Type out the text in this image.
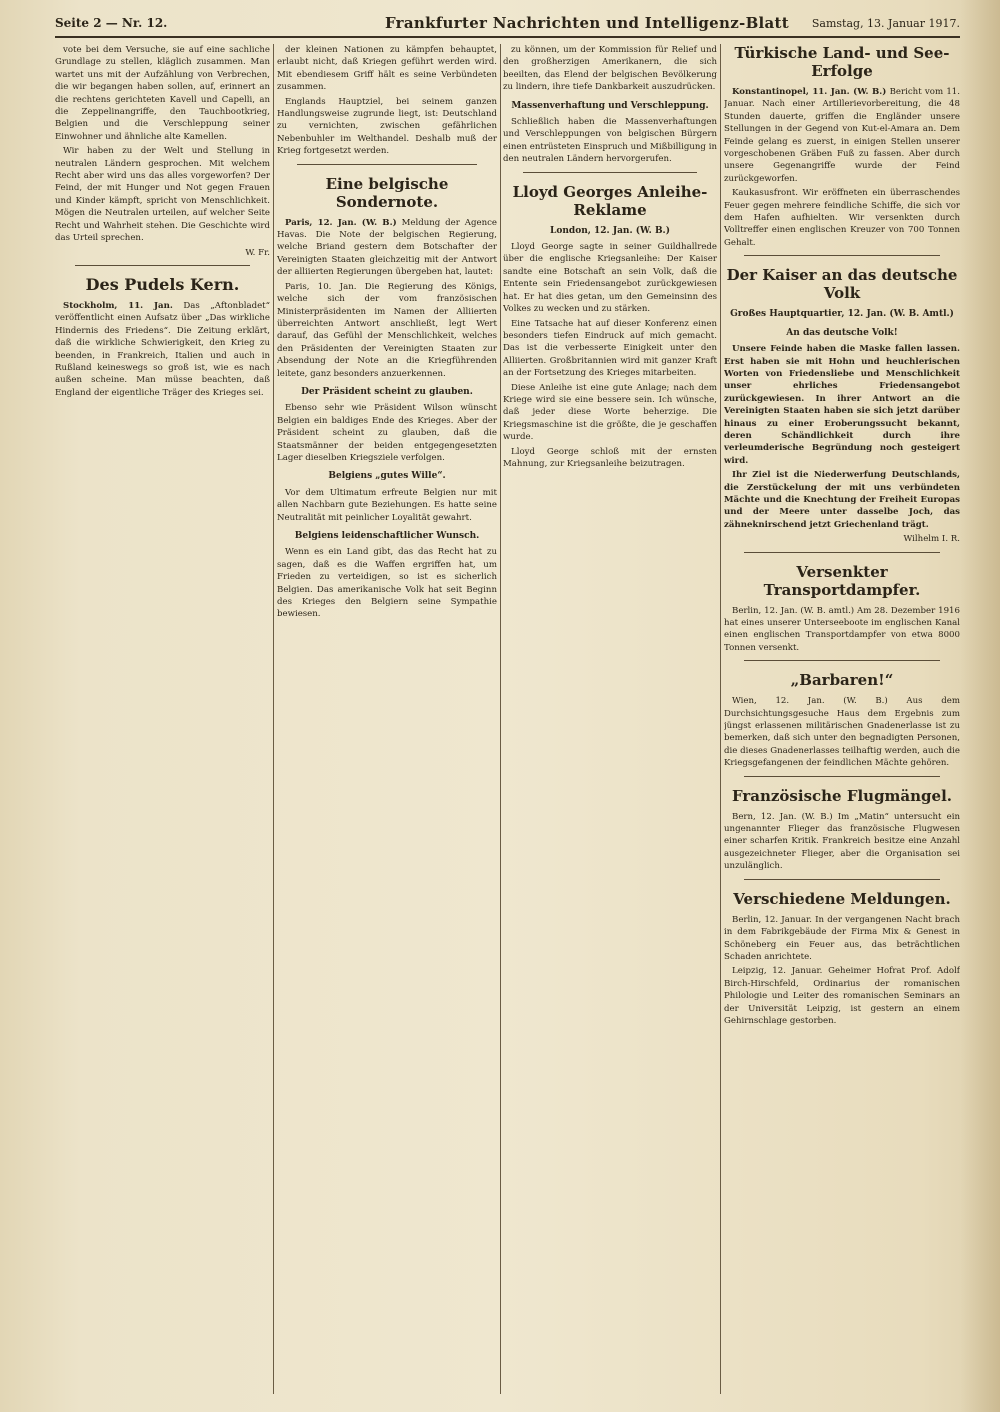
Seite 2 — Nr. 12.	Frankfurter Nachrichten und Intelligenz-Blatt Samstag, 13. Januar 1917.

vote bei dem Versuche, sie auf eine sachliche Grundlage zu stellen, kläglich zusammen. Man wartet uns mit der Aufzählung von Verbrechen, die wir begangen haben sollen, auf, erinnert an die rechtens gerichteten Kavell und Capelli, an die Zeppelinangriffe, den Tauchbootkrieg, Belgien und die Verschleppung seiner Einwohner und ähnliche alte Kamellen.

Wir haben zu der Welt und Stellung in neutralen Ländern gesprochen. Mit welchem Recht aber wird uns das alles vorgeworfen? Der Feind, der mit Hunger und Not gegen Frauen und Kinder kämpft, spricht von Menschlichkeit. Mögen die Neutralen urteilen, auf welcher Seite Recht und Wahrheit stehen. Die Geschichte wird das Urteil sprechen.

W. Fr.
Des Pudels Kern.

Stockholm, 11. Jan. Das „Aftonbladet“ veröffentlicht einen Aufsatz über „Das wirkliche Hindernis des Friedens“. Die Zeitung erklärt, daß die wirkliche Schwierigkeit, den Krieg zu beenden, in Frankreich, Italien und auch in Rußland keineswegs so groß ist, wie es nach außen scheine. Man müsse beachten, daß England der eigentliche Träger des Krieges sei.

der kleinen Nationen zu kämpfen behauptet, erlaubt nicht, daß Kriegen geführt werden wird. Mit ebendiesem Griff hält es seine Verbündeten zusammen.

Englands Hauptziel, bei seinem ganzen Handlungsweise zugrunde liegt, ist: Deutschland zu vernichten, zwischen gefährlichen Nebenbuhler im Welthandel. Deshalb muß der Krieg fortgesetzt werden.

Eine belgische Sondernote.

Paris, 12. Jan. (W. B.) Meldung der Agence Havas. Die Note der belgischen Regierung, welche Briand gestern dem Botschafter der Vereinigten Staaten gleichzeitig mit der Antwort der alliierten Regierungen übergeben hat, lautet:

Paris, 10. Jan. Die Regierung des Königs, welche sich der vom französischen Ministerpräsidenten im Namen der Alliierten überreichten Antwort anschließt, legt Wert darauf, das Gefühl der Menschlichkeit, welches den Präsidenten der Vereinigten Staaten zur Absendung der Note an die Kriegführenden leitete, ganz besonders anzuerkennen.

Der Präsident scheint zu glauben.

Ebenso sehr wie Präsident Wilson wünscht Belgien ein baldiges Ende des Krieges. Aber der Präsident scheint zu glauben, daß die Staatsmänner der beiden entgegengesetzten Lager dieselben Kriegsziele verfolgen.

Belgiens „gutes Wille“.

Vor dem Ultimatum erfreute Belgien nur mit allen Nachbarn gute Beziehungen. Es hatte seine Neutralität mit peinlicher Loyalität gewahrt.

Belgiens leidenschaftlicher Wunsch.

Wenn es ein Land gibt, das das Recht hat zu sagen, daß es die Waffen ergriffen hat, um Frieden zu verteidigen, so ist es sicherlich Belgien. Das amerikanische Volk hat seit Beginn des Krieges den Belgiern seine Sympathie bewiesen.

zu können, um der Kommission für Relief und den großherzigen Amerikanern, die sich beeilten, das Elend der belgischen Bevölkerung zu lindern, ihre tiefe Dankbarkeit auszudrücken.

Massenverhaftung und Verschleppung.

Schließlich haben die Massenverhaftungen und Verschleppungen von belgischen Bürgern einen entrüsteten Einspruch und Mißbilligung in den neutralen Ländern hervorgerufen.

Lloyd Georges Anleihe-Reklame
London, 12. Jan. (W. B.)

Lloyd George sagte in seiner Guildhallrede über die englische Kriegsanleihe: Der Kaiser sandte eine Botschaft an sein Volk, daß die Entente sein Friedensangebot zurückgewiesen hat. Er hat dies getan, um den Gemeinsinn des Volkes zu wecken und zu stärken.

Eine Tatsache hat auf dieser Konferenz einen besonders tiefen Eindruck auf mich gemacht. Das ist die verbesserte Einigkeit unter den Alliierten. Großbritannien wird mit ganzer Kraft an der Fortsetzung des Krieges mitarbeiten.

Diese Anleihe ist eine gute Anlage; nach dem Kriege wird sie eine bessere sein. Ich wünsche, daß jeder diese Worte beherzige. Die Kriegsmaschine ist die größte, die je geschaffen wurde.

Lloyd George schloß mit der ernsten Mahnung, zur Kriegsanleihe beizutragen.

Türkische Land- und See-Erfolge

Konstantinopel, 11. Jan. (W. B.) Bericht vom 11. Januar. Nach einer Artillerievorbereitung, die 48 Stunden dauerte, griffen die Engländer unsere Stellungen in der Gegend von Kut-el-Amara an. Dem Feinde gelang es zuerst, in einigen Stellen unserer vorgeschobenen Gräben Fuß zu fassen. Aber durch unsere Gegenangriffe wurde der Feind zurückgeworfen.

Kaukasusfront. Wir eröffneten ein überraschendes Feuer gegen mehrere feindliche Schiffe, die sich vor dem Hafen aufhielten. Wir versenkten durch Volltreffer einen englischen Kreuzer von 700 Tonnen Gehalt.

Der Kaiser an das deutsche Volk
Großes Hauptquartier, 12. Jan. (W. B. Amtl.)
An das deutsche Volk!

Unsere Feinde haben die Maske fallen lassen. Erst haben sie mit Hohn und heuchlerischen Worten von Friedensliebe und Menschlichkeit unser ehrliches Friedensangebot zurückgewiesen. In ihrer Antwort an die Vereinigten Staaten haben sie sich jetzt darüber hinaus zu einer Eroberungssucht bekannt, deren Schändlichkeit durch ihre verleumderische Begründung noch gesteigert wird.

Ihr Ziel ist die Niederwerfung Deutschlands, die Zerstückelung der mit uns verbündeten Mächte und die Knechtung der Freiheit Europas und der Meere unter dasselbe Joch, das zähneknirschend jetzt Griechenland trägt.

Wilhelm I. R.
Versenkter Transportdampfer.

Berlin, 12. Jan. (W. B. amtl.) Am 28. Dezember 1916 hat eines unserer Unterseeboote im englischen Kanal einen englischen Transportdampfer von etwa 8000 Tonnen versenkt.

„Barbaren!“

Wien, 12. Jan. (W. B.) Aus dem Durchsichtungsgesuche Haus dem Ergebnis zum jüngst erlassenen militärischen Gnadenerlasse ist zu bemerken, daß sich unter den begnadigten Personen, die dieses Gnadenerlasses teilhaftig werden, auch die Kriegsgefangenen der feindlichen Mächte gehören.

Französische Flugmängel.

Bern, 12. Jan. (W. B.) Im „Matin“ untersucht ein ungenannter Flieger das französische Flugwesen einer scharfen Kritik. Frankreich besitze eine Anzahl ausgezeichneter Flieger, aber die Organisation sei unzulänglich.

Verschiedene Meldungen.

Berlin, 12. Januar. In der vergangenen Nacht brach in dem Fabrikgebäude der Firma Mix & Genest in Schöneberg ein Feuer aus, das beträchtlichen Schaden anrichtete.

Leipzig, 12. Januar. Geheimer Hofrat Prof. Adolf Birch-Hirschfeld, Ordinarius der romanischen Philologie und Leiter des romanischen Seminars an der Universität Leipzig, ist gestern an einem Gehirnschlage gestorben.
